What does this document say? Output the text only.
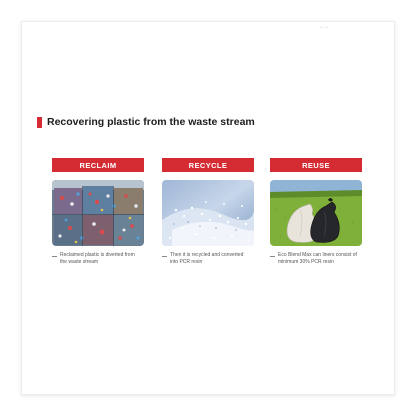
▪ ▪ ▪ ▪
Recovering plastic from the waste stream
RECLAIM
Reclaimed plastic is diverted from the waste stream
RECYCLE
Then it is recycled and converted into PCR resin
REUSE
Eco Blend Max can liners consist of minimum 30% PCR resin
